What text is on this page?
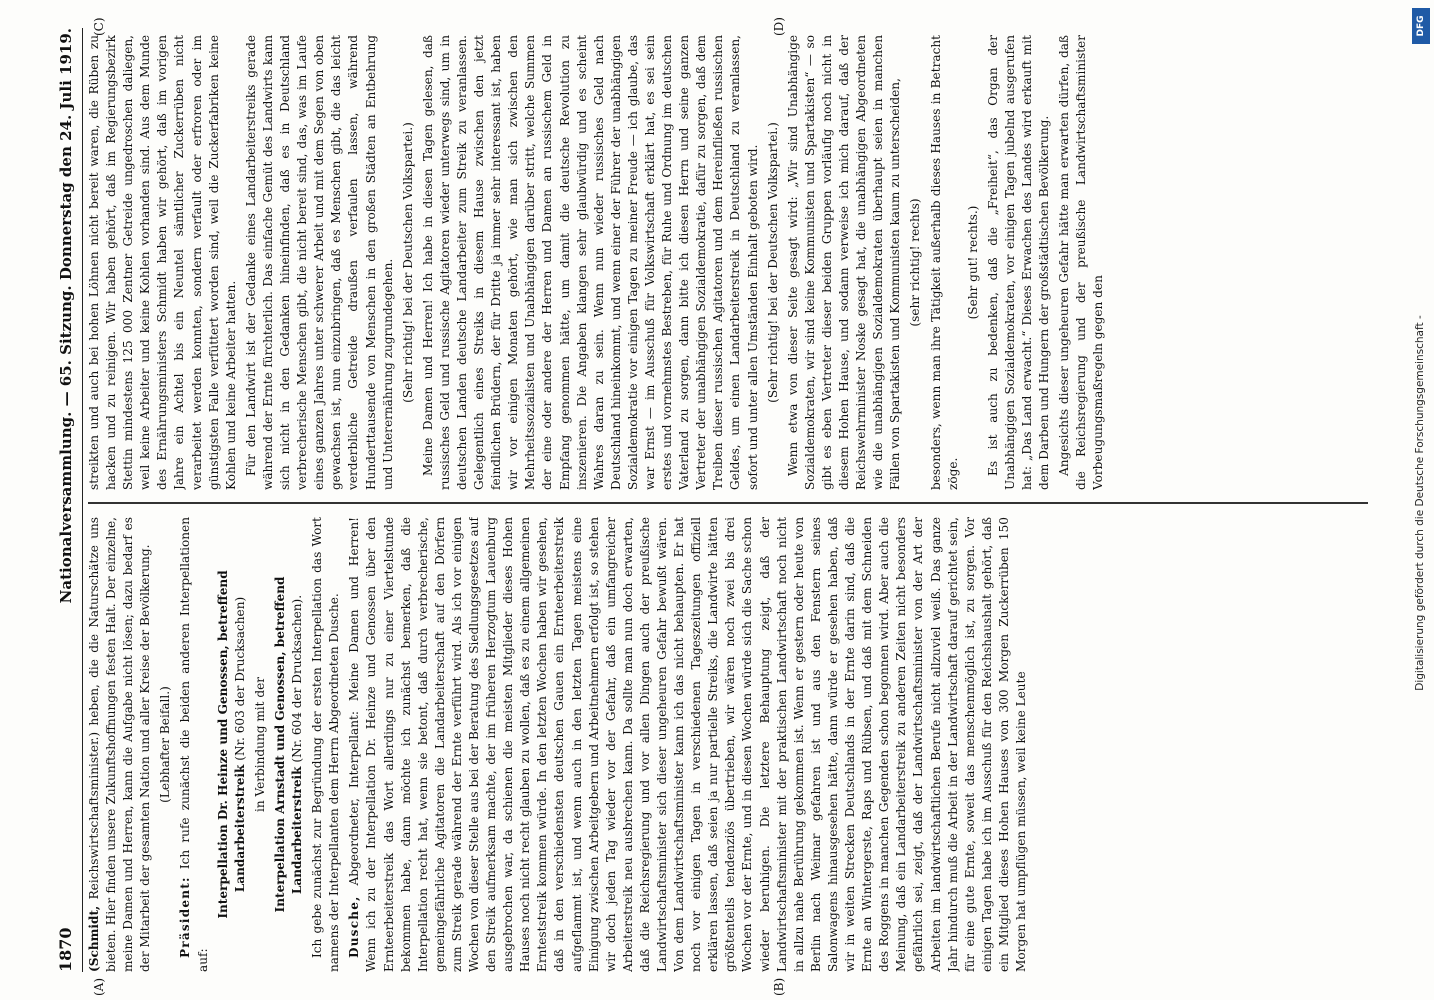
1870
Nationalversammlung. — 65. Sitzung. Donnerstag den 24. Juli 1919.

(Schmidt, Reichswirtschaftsminister.) heben, die die Naturschätze uns bieten. Hier finden unsere Zukunftshoffnungen festen Halt. Der einzelne, meine Damen und Herren, kann die Aufgabe nicht lösen; dazu bedarf es der Mitarbeit der gesamten Nation und aller Kreise der Bevölkerung. (Lebhafter Beifall.)

Präsident: Ich rufe zunächst die beiden anderen Interpellationen auf:

Interpellation Dr. Heinze und Genossen, betreffend Landarbeiterstreik (Nr. 603 der Drucksachen) in Verbindung mit der Interpellation Arnstadt und Genossen, betreffend Landarbeiterstreik (Nr. 604 der Drucksachen). Ich gebe zunächst zur Begründung der ersten Interpellation das Wort namens der Interpellanten dem Herrn Abgeordneten Dusche. Dusche, Abgeordneter, Interpellant: Meine Damen und Herren! Wenn ich zu der Interpellation Dr. Heinze und Genossen über den Ernteerbeiterstreik das Wort allerdings nur zu einer Viertelstunde bekommen habe, dann möchte ich zunächst bemerken, daß die Interpellation recht hat, wenn sie betont, daß durch verbrecherische, gemeingefährliche Agitatoren die Landarbeiterschaft auf den Dörfern zum Streik gerade während der Ernte verführt wird. Als ich vor einigen Wochen von dieser Stelle aus bei der Beratung des Siedlungsgesetzes auf den Streik aufmerksam machte, der im früheren Herzogtum Lauenburg ausgebrochen war, da schienen die meisten Mitglieder dieses Hohen Hauses noch nicht recht glauben zu wollen, daß es zu einem allgemeinen Ernteststreik kommen würde. In den letzten Wochen haben wir gesehen, daß in den verschiedensten deutschen Gauen ein Ernteerbeiterstreik aufgeflammt ist, und wenn auch in den letzten Tagen meistens eine Einigung zwischen Arbeitgebern und Arbeitnehmern erfolgt ist, so stehen wir doch jeden Tag wieder vor der Gefahr, daß ein umfangreicher Arbeiterstreik neu ausbrechen kann. Da sollte man nun doch erwarten, daß die Reichsregierung und vor allen Dingen auch der preußische Landwirtschaftsminister sich dieser ungeheuren Gefahr bewußt wären. Von dem Landwirtschaftsminister kann ich das nicht behaupten. Er hat noch vor einigen Tagen in verschiedenen Tageszeitungen offiziell erklären lassen, daß seien ja nur partielle Streiks, die Landwirte hätten größtenteils tendenziös übertrieben, wir wären noch zwei bis drei Wochen vor der Ernte, und in diesen Wochen würde sich die Sache schon wieder beruhigen. Die letztere Behauptung zeigt, daß der Landwirtschaftsminister mit der praktischen Landwirtschaft noch nicht in allzu nahe Berührung gekommen ist. Wenn er gestern oder heute von Berlin nach Weimar gefahren ist und aus den Fenstern seines Salonwagens hinausgesehen hätte, dann würde er gesehen haben, daß wir in weiten Strecken Deutschlands in der Ernte darin sind, daß die Ernte an Wintergerste, Raps und Rübsen, und daß mit dem Schneiden des Roggens in manchen Gegenden schon begonnen wird. Aber auch die Meinung, daß ein Landarbeiterstreik zu anderen Zeiten nicht besonders gefährlich sei, zeigt, daß der Landwirtschaftsminister von der Art der Arbeiten im landwirtschaftlichen Berufe nicht allzuviel weiß. Das ganze Jahr hindurch muß die Arbeit in der Landwirtschaft darauf gerichtet sein, für eine gute Ernte, soweit das menschenmöglich ist, zu sorgen. Vor einigen Tagen habe ich im Ausschuß für den Reichshaushalt gehört, daß ein Mitglied dieses Hohen Hauses von 300 Morgen Zuckerrüben 150 Morgen hat umpflügen müssen, weil keine Leute

streikten und auch bei hohen Löhnen nicht bereit waren, die Rüben zu hacken und zu reinigen. Wir haben gehört, daß im Regierungsbezirk Stettin mindestens 125 000 Zentner Getreide ungedroschen daliegen, weil keine Arbeiter und keine Kohlen vorhanden sind. Aus dem Munde des Ernährungsministers Schmidt haben wir gehört, daß im vorigen Jahre ein Achtel bis ein Neuntel sämtlicher Zuckerrüben nicht verarbeitet werden konnten, sondern verfault oder erfroren oder im günstigsten Falle verfüttert worden sind, weil die Zuckerfabriken keine Kohlen und keine Arbeiter hatten. Für den Landwirt ist der Gedanke eines Landarbeiterstreiks gerade während der Ernte fürchterlich. Das einfache Gemüt des Landwirts kann sich nicht in den Gedanken hineinfinden, daß es in Deutschland verbrecherische Menschen gibt, die nicht bereit sind, das, was im Laufe eines ganzen Jahres unter schwerer Arbeit und mit dem Segen von oben gewachsen ist, nun einzubringen, daß es Menschen gibt, die das leicht verderbliche Getreide draußen verfaulen lassen, während Hunderttausende von Menschen in den großen Städten an Entbehrung und Unterernährung zugrundegehen. (Sehr richtig! bei der Deutschen Volkspartei.) Meine Damen und Herren! Ich habe in diesen Tagen gelesen, daß russisches Geld und russische Agitatoren wieder unterwegs sind, um in deutschen Landen deutsche Landarbeiter zum Streik zu veranlassen. Gelegentlich eines Streiks in diesem Hause zwischen den jetzt feindlichen Brüdern, der für Dritte ja immer sehr interessant ist, haben wir vor einigen Monaten gehört, wie man sich zwischen den Mehrheitssozialisten und Unabhängigen darüber stritt, welche Summen der eine oder andere der Herren und Damen an russischem Geld in Empfang genommen hätte, um damit die deutsche Revolution zu inszenieren. Die Angaben klangen sehr glaubwürdig und es scheint Wahres daran zu sein. Wenn nun wieder russisches Geld nach Deutschland hineinkommt, und wenn einer der Führer der unabhängigen Sozialdemokratie vor einigen Tagen zu meiner Freude — ich glaube, das war Ernst — im Ausschuß für Volkswirtschaft erklärt hat, es sei sein erstes und vornehmstes Bestreben, für Ruhe und Ordnung im deutschen Vaterland zu sorgen, dann bitte ich diesen Herrn und seine ganzen Vertreter der unabhängigen Sozialdemokratie, dafür zu sorgen, daß dem Treiben dieser russischen Agitatoren und dem Hereinfließen russischen Geldes, um einen Landarbeiterstreik in Deutschland zu veranlassen, sofort und unter allen Umständen Einhalt geboten wird. (Sehr richtig! bei der Deutschen Volkspartei.) Wenn etwa von dieser Seite gesagt wird: „Wir sind Unabhängige Sozialdemokraten, wir sind keine Kommunisten und Spartakisten“ — so gibt es eben Vertreter dieser beiden Gruppen vorläufig noch nicht in diesem Hohen Hause, und sodann verweise ich mich darauf, daß der Reichswehrminister Noske gesagt hat, die unabhängigen Abgeordneten wie die unabhängigen Sozialdemokraten überhaupt seien in manchen Fällen von Spartakisten und Kommunisten kaum zu unterscheiden, (sehr richtig! rechts) besonders, wenn man ihre Tätigkeit außerhalb dieses Hauses in Betracht zöge.

(Sehr gut! rechts.) Es ist auch zu bedenken, daß die „Freiheit“, das Organ der Unabhängigen Sozialdemokraten, vor einigen Tagen jubelnd ausgerufen hat: „Das Land erwacht.“ Dieses Erwachen des Landes wird erkauft mit dem Darben und Hungern der großstädtischen Bevölkerung. Angesichts dieser ungeheuren Gefahr hätte man erwarten dürfen, daß die Reichsregierung und der preußische Landwirtschaftsminister Vorbeugungsmaßregeln gegen den

(A)	(B)
(C)	(D)	DFG
Digitalisierung gefördert durch die Deutsche Forschungsgemeinschaft -
